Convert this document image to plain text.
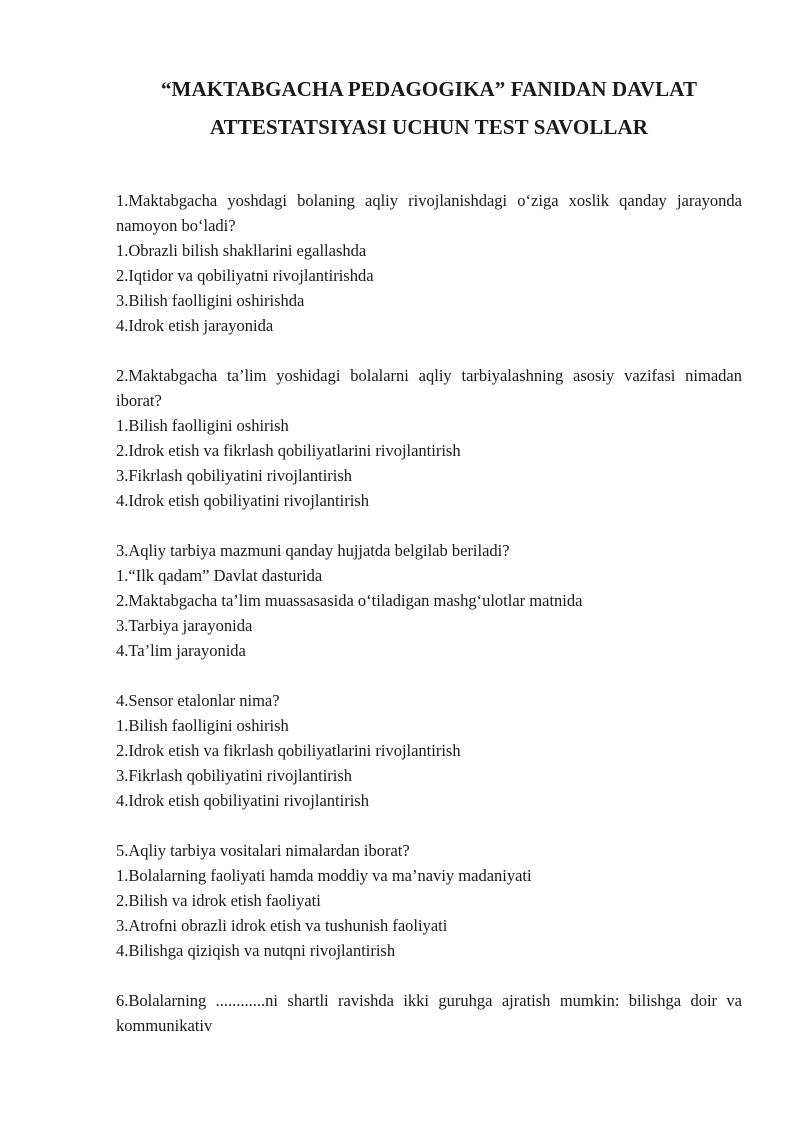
“MAKTABGACHA PEDAGOGIKA” FANIDAN DAVLAT
ATTESTATSIYASI UCHUN TEST SAVOLLAR

1.Maktabgacha yoshdagi bolaning aqliy rivojlanishdagi o‘ziga xoslik qanday jarayonda namoyon bo‘ladi?

1.Obrazli bilish shakllarini egallashda
2.Iqtidor va qobiliyatni rivojlantirishda
3.Bilish faolligini oshirishda
4.Idrok etish jarayonida

2.Maktabgacha ta’lim yoshidagi bolalarni aqliy tarbiyalashning asosiy vazifasi nimadan iborat?

1.Bilish faolligini oshirish
2.Idrok etish va fikrlash qobiliyatlarini rivojlantirish
3.Fikrlash qobiliyatini rivojlantirish
4.Idrok etish qobiliyatini rivojlantirish

3.Aqliy tarbiya mazmuni qanday hujjatda belgilab beriladi?

1.“Ilk qadam” Davlat dasturida
2.Maktabgacha ta’lim muassasasida o‘tiladigan mashg‘ulotlar matnida
3.Tarbiya jarayonida
4.Ta’lim jarayonida

4.Sensor etalonlar nima?

1.Bilish faolligini oshirish
2.Idrok etish va fikrlash qobiliyatlarini rivojlantirish
3.Fikrlash qobiliyatini rivojlantirish
4.Idrok etish qobiliyatini rivojlantirish

5.Aqliy tarbiya vositalari nimalardan iborat?

1.Bolalarning faoliyati hamda moddiy va ma’naviy madaniyati
2.Bilish va idrok etish faoliyati
3.Atrofni obrazli idrok etish va tushunish faoliyati
4.Bilishga qiziqish va nutqni rivojlantirish

6.Bolalarning ............ni shartli ravishda ikki guruhga ajratish mumkin: bilishga doir va kommunikativ
